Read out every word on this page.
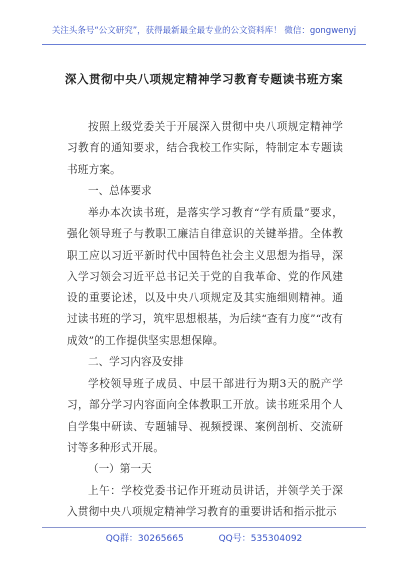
关注头条号“公文研究”，获得最新最全最专业的公文资料库！ 微信：gongwenyj
深入贯彻中央八项规定精神学习教育专题读书班方案
按照上级党委关于开展深入贯彻中央八项规定精神学习教育的通知要求，结合我校工作实际，特制定本专题读书班方案。
一、总体要求
举办本次读书班，是落实学习教育“学有质量”要求，强化领导班子与教职工廉洁自律意识的关键举措。全体教职工应以习近平新时代中国特色社会主义思想为指导，深入学习领会习近平总书记关于党的自我革命、党的作风建设的重要论述，以及中央八项规定及其实施细则精神。通过读书班的学习，筑牢思想根基，为后续“查有力度”“改有成效”的工作提供坚实思想保障。
二、学习内容及安排
学校领导班子成员、中层干部进行为期3天的脱产学习，部分学习内容面向全体教职工开放。读书班采用个人自学集中研读、专题辅导、视频授课、案例剖析、交流研讨等多种形式开展。
（一）第一天
上午：学校党委书记作开班动员讲话，并领学关于深入贯彻中央八项规定精神学习教育的重要讲话和指示批示
QQ群：30265665	QQ号：535304092
